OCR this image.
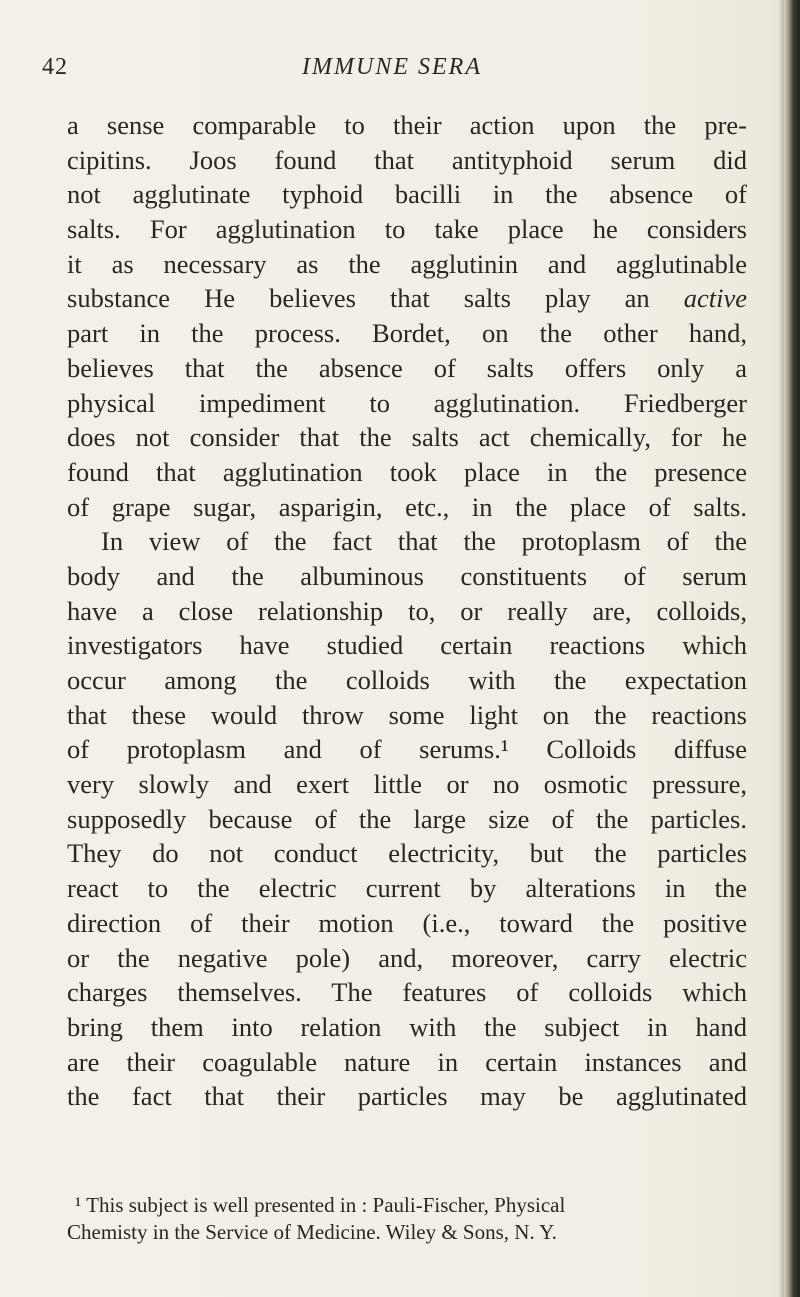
42	IMMUNE SERA
a sense comparable to their action upon the pre-
cipitins. Joos found that antityphoid serum did
not agglutinate typhoid bacilli in the absence of
salts. For agglutination to take place he considers
it as necessary as the agglutinin and agglutinable
substance He believes that salts play an active
part in the process. Bordet, on the other hand,
believes that the absence of salts offers only a
physical impediment to agglutination. Friedberger
does not consider that the salts act chemically, for he
found that agglutination took place in the presence
of grape sugar, asparigin, etc., in the place of salts.
In view of the fact that the protoplasm of the
body and the albuminous constituents of serum
have a close relationship to, or really are, colloids,
investigators have studied certain reactions which
occur among the colloids with the expectation
that these would throw some light on the reactions
of protoplasm and of serums.¹ Colloids diffuse
very slowly and exert little or no osmotic pressure,
supposedly because of the large size of the particles.
They do not conduct electricity, but the particles
react to the electric current by alterations in the
direction of their motion (i.e., toward the positive
or the negative pole) and, moreover, carry electric
charges themselves. The features of colloids which
bring them into relation with the subject in hand
are their coagulable nature in certain instances and
the fact that their particles may be agglutinated
¹ This subject is well presented in : Pauli-Fischer, Physical
Chemisty in the Service of Medicine. Wiley & Sons, N. Y.
